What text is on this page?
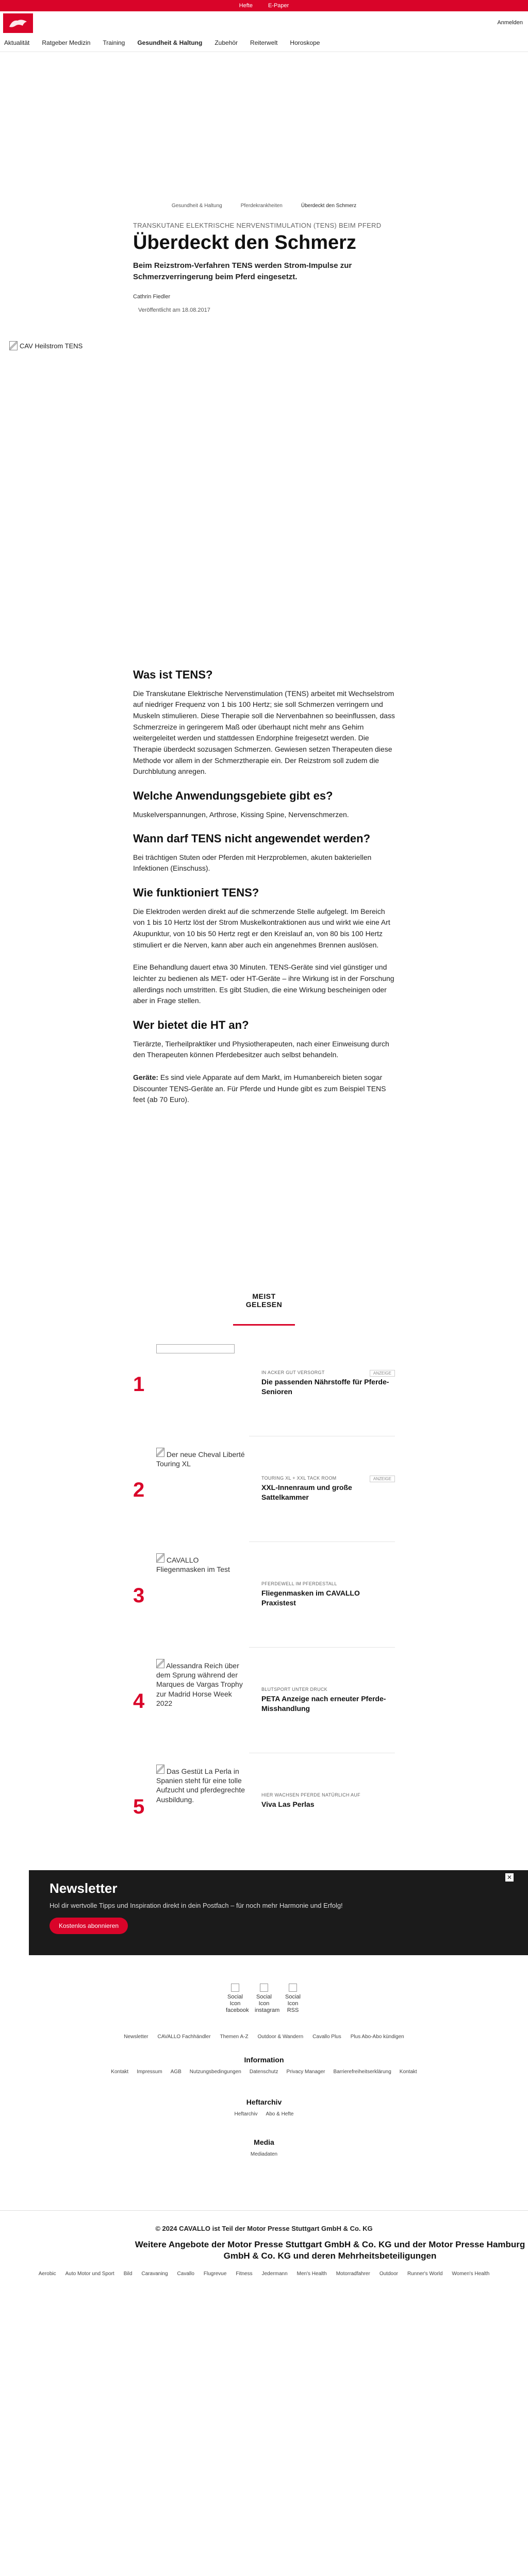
Hefte	E-Paper
Anmelden
Aktualität Ratgeber Medizin Training Gesundheit & Haltung Zubehör Reiterwelt Horoskope
Gesundheit & Haltung	Pferdekrankheiten	Überdeckt den Schmerz

TRANSKUTANE ELEKTRISCHE NERVENSTIMULATION (TENS) BEIM PFERD

Überdeckt den Schmerz

Beim Reizstrom-Verfahren TENS werden Strom-Impulse zur Schmerzverringerung beim Pferd eingesetzt.

Cathrin Fiedler

Veröffentlicht am 18.08.2017

CAV Heilstrom TENS
Was ist TENS?

Die Transkutane Elektrische Nervenstimulation (TENS) arbeitet mit Wechselstrom auf niedriger Frequenz von 1 bis 100 Hertz; sie soll Schmerzen verringern und Muskeln stimulieren. Diese Therapie soll die Nervenbahnen so beeinflussen, dass Schmerzreize in geringerem Maß oder überhaupt nicht mehr ans Gehirn weitergeleitet werden und stattdessen Endorphine freigesetzt werden. Die Therapie überdeckt sozusagen Schmerzen. Gewiesen setzen Therapeuten diese Methode vor allem in der Schmerztherapie ein. Der Reizstrom soll zudem die Durchblutung anregen.

Welche Anwendungsgebiete gibt es?

Muskelverspannungen, Arthrose, Kissing Spine, Nervenschmerzen.

Wann darf TENS nicht angewendet werden?

Bei trächtigen Stuten oder Pferden mit Herzproblemen, akuten bakteriellen Infektionen (Einschuss).

Wie funktioniert TENS?

Die Elektroden werden direkt auf die schmerzende Stelle aufgelegt. Im Bereich von 1 bis 10 Hertz löst der Strom Muskelkontraktionen aus und wirkt wie eine Art Akupunktur, von 10 bis 50 Hertz regt er den Kreislauf an, von 80 bis 100 Hertz stimuliert er die Nerven, kann aber auch ein angenehmes Brennen auslösen.

Eine Behandlung dauert etwa 30 Minuten. TENS-Geräte sind viel günstiger und leichter zu bedienen als MET- oder HT-Geräte – ihre Wirkung ist in der Forschung allerdings noch umstritten. Es gibt Studien, die eine Wirkung bescheinigen oder aber in Frage stellen.

Wer bietet die HT an?

Tierärzte, Tierheilpraktiker und Physiotherapeuten, nach einer Einweisung durch den Therapeuten können Pferdebesitzer auch selbst behandeln.

Geräte: Es sind viele Apparate auf dem Markt, im Humanbereich bieten sogar Discounter TENS-Geräte an. Für Pferde und Hunde gibt es zum Beispiel TENS feet (ab 70 Euro).

MEIST GELESEN

1	ANZEIGE
IN ACKER GUT VERSORGT
Die passenden Nährstoffe für Pferde-Senioren
2
Der neue Cheval Liberté Touring XL
ANZEIGE
TOURING XL + XXL TACK ROOM
XXL-Innenraum und große Sattelkammer
3
CAVALLO Fliegenmasken im Test
PFERDEWELL IM PFERDESTALL
Fliegenmasken im CAVALLO Praxistest
4
Alessandra Reich über dem Sprung während der Marques de Vargas Trophy zur Madrid Horse Week 2022
BLUTSPORT UNTER DRUCK
PETA Anzeige nach erneuter Pferde-Misshandlung
5
Das Gestüt La Perla in Spanien steht für eine tolle Aufzucht und pferdegrechte Ausbildung.
HIER WACHSEN PFERDE NATÜRLICH AUF
Viva Las Perlas
✕
Newsletter

Hol dir wertvolle Tipps und Inspiration direkt in dein Postfach – für noch mehr Harmonie und Erfolg!

Kostenlos abonnieren
Social Icon facebook
Social Icon instagram
Social Icon RSS
Newsletter CAVALLO Fachhändler Themen A-Z Outdoor & Wandern Cavallo Plus Plus Abo-Abo kündigen

Information

Kontakt Impressum AGB Nutzungsbedingungen Datenschutz Privacy Manager Barrierefreiheitserklärung Kontakt

Heftarchiv

Heftarchiv Abo & Hefte

Media

Mediadaten
© 2024 CAVALLO ist Teil der Motor Presse Stuttgart GmbH & Co. KG
Weitere Angebote der Motor Presse Stuttgart GmbH & Co. KG und der Motor Presse Hamburg GmbH & Co. KG und deren Mehrheitsbeteiligungen
Aerobic Auto Motor und Sport Bild Caravaning Cavallo Flugrevue Fitness Jedermann Men's Health Motorradfahrer Outdoor Runner's World Women's Health
